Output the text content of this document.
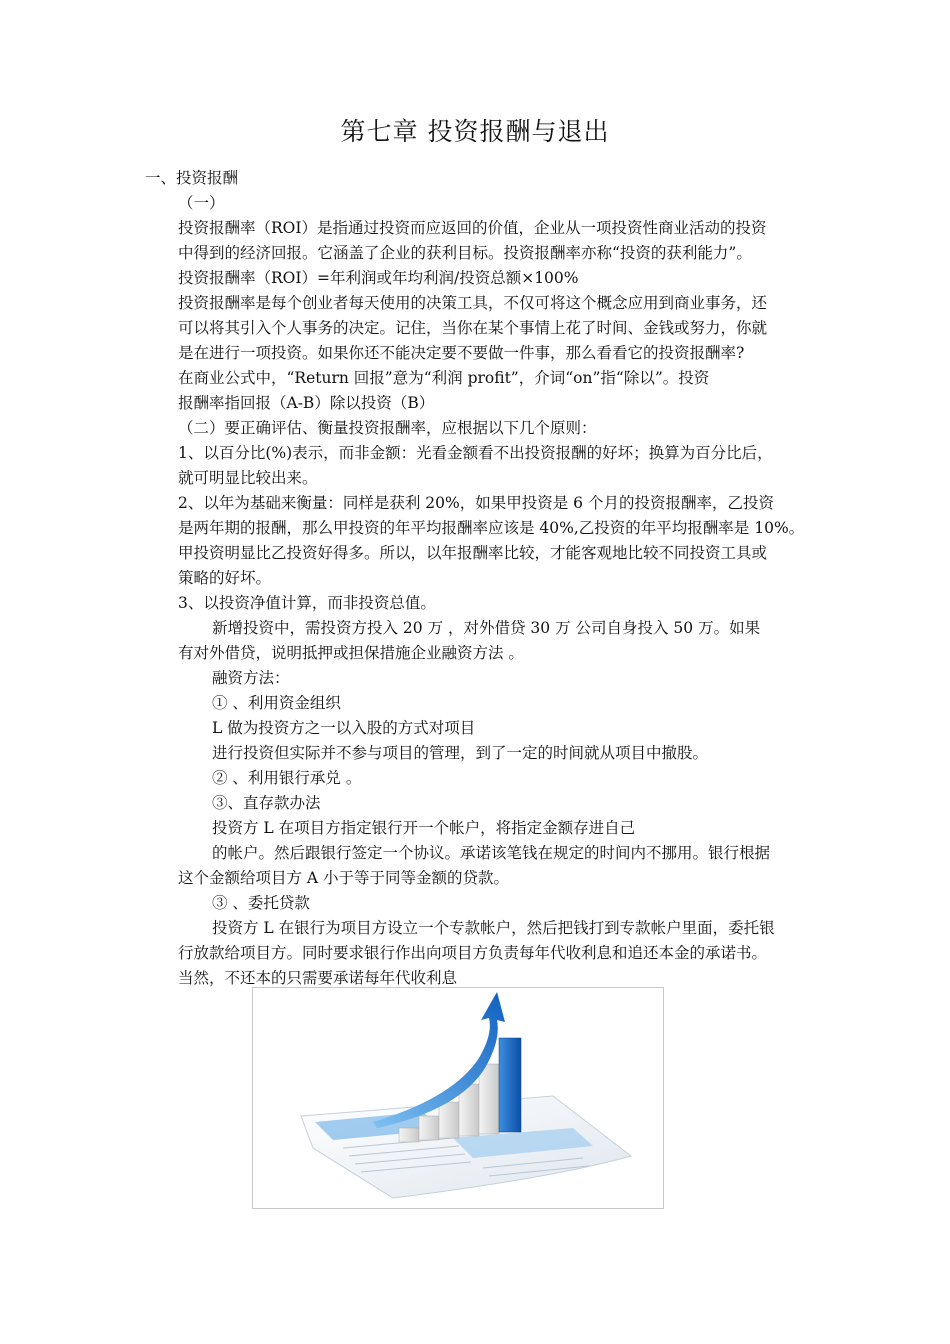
第七章 投资报酬与退出
一、投资报酬
（一）
投资报酬率（ROI）是指通过投资而应返回的价值，企业从一项投资性商业活动的投资
中得到的经济回报。它涵盖了企业的获利目标。投资报酬率亦称“投资的获利能力”。
投资报酬率（ROI）=年利润或年均利润/投资总额×100%
投资报酬率是每个创业者每天使用的决策工具，不仅可将这个概念应用到商业事务，还
可以将其引入个人事务的决定。记住，当你在某个事情上花了时间、金钱或努力，你就
是在进行一项投资。如果你还不能决定要不要做一件事，那么看看它的投资报酬率?
在商业公式中，“Return 回报”意为“利润 profit”，介词“on”指“除以”。投资
报酬率指回报（A-B）除以投资（B）
（二）要正确评估、衡量投资报酬率，应根据以下几个原则：
1、以百分比(%)表示，而非金额：光看金额看不出投资报酬的好坏；换算为百分比后，
就可明显比较出来。
2、以年为基础来衡量：同样是获利 20%，如果甲投资是 6 个月的投资报酬率，乙投资
是两年期的报酬，那么甲投资的年平均报酬率应该是 40%,乙投资的年平均报酬率是 10%。
甲投资明显比乙投资好得多。所以，以年报酬率比较，才能客观地比较不同投资工具或
策略的好坏。
3、以投资净值计算，而非投资总值。
新增投资中，需投资方投入 20 万 ，对外借贷 30 万 公司自身投入 50 万。如果
有对外借贷，说明抵押或担保措施企业融资方法 。
融资方法：
① 、利用资金组织
L 做为投资方之一以入股的方式对项目
进行投资但实际并不参与项目的管理，到了一定的时间就从项目中撤股。
② 、利用银行承兑 。
③、直存款办法
投资方 L 在项目方指定银行开一个帐户，将指定金额存进自己
的帐户。然后跟银行签定一个协议。承诺该笔钱在规定的时间内不挪用。银行根据
这个金额给项目方 A 小于等于同等金额的贷款。
③ 、委托贷款
投资方 L 在银行为项目方设立一个专款帐户，然后把钱打到专款帐户里面，委托银
行放款给项目方。同时要求银行作出向项目方负责每年代收利息和追还本金的承诺书。
当然，不还本的只需要承诺每年代收利息
